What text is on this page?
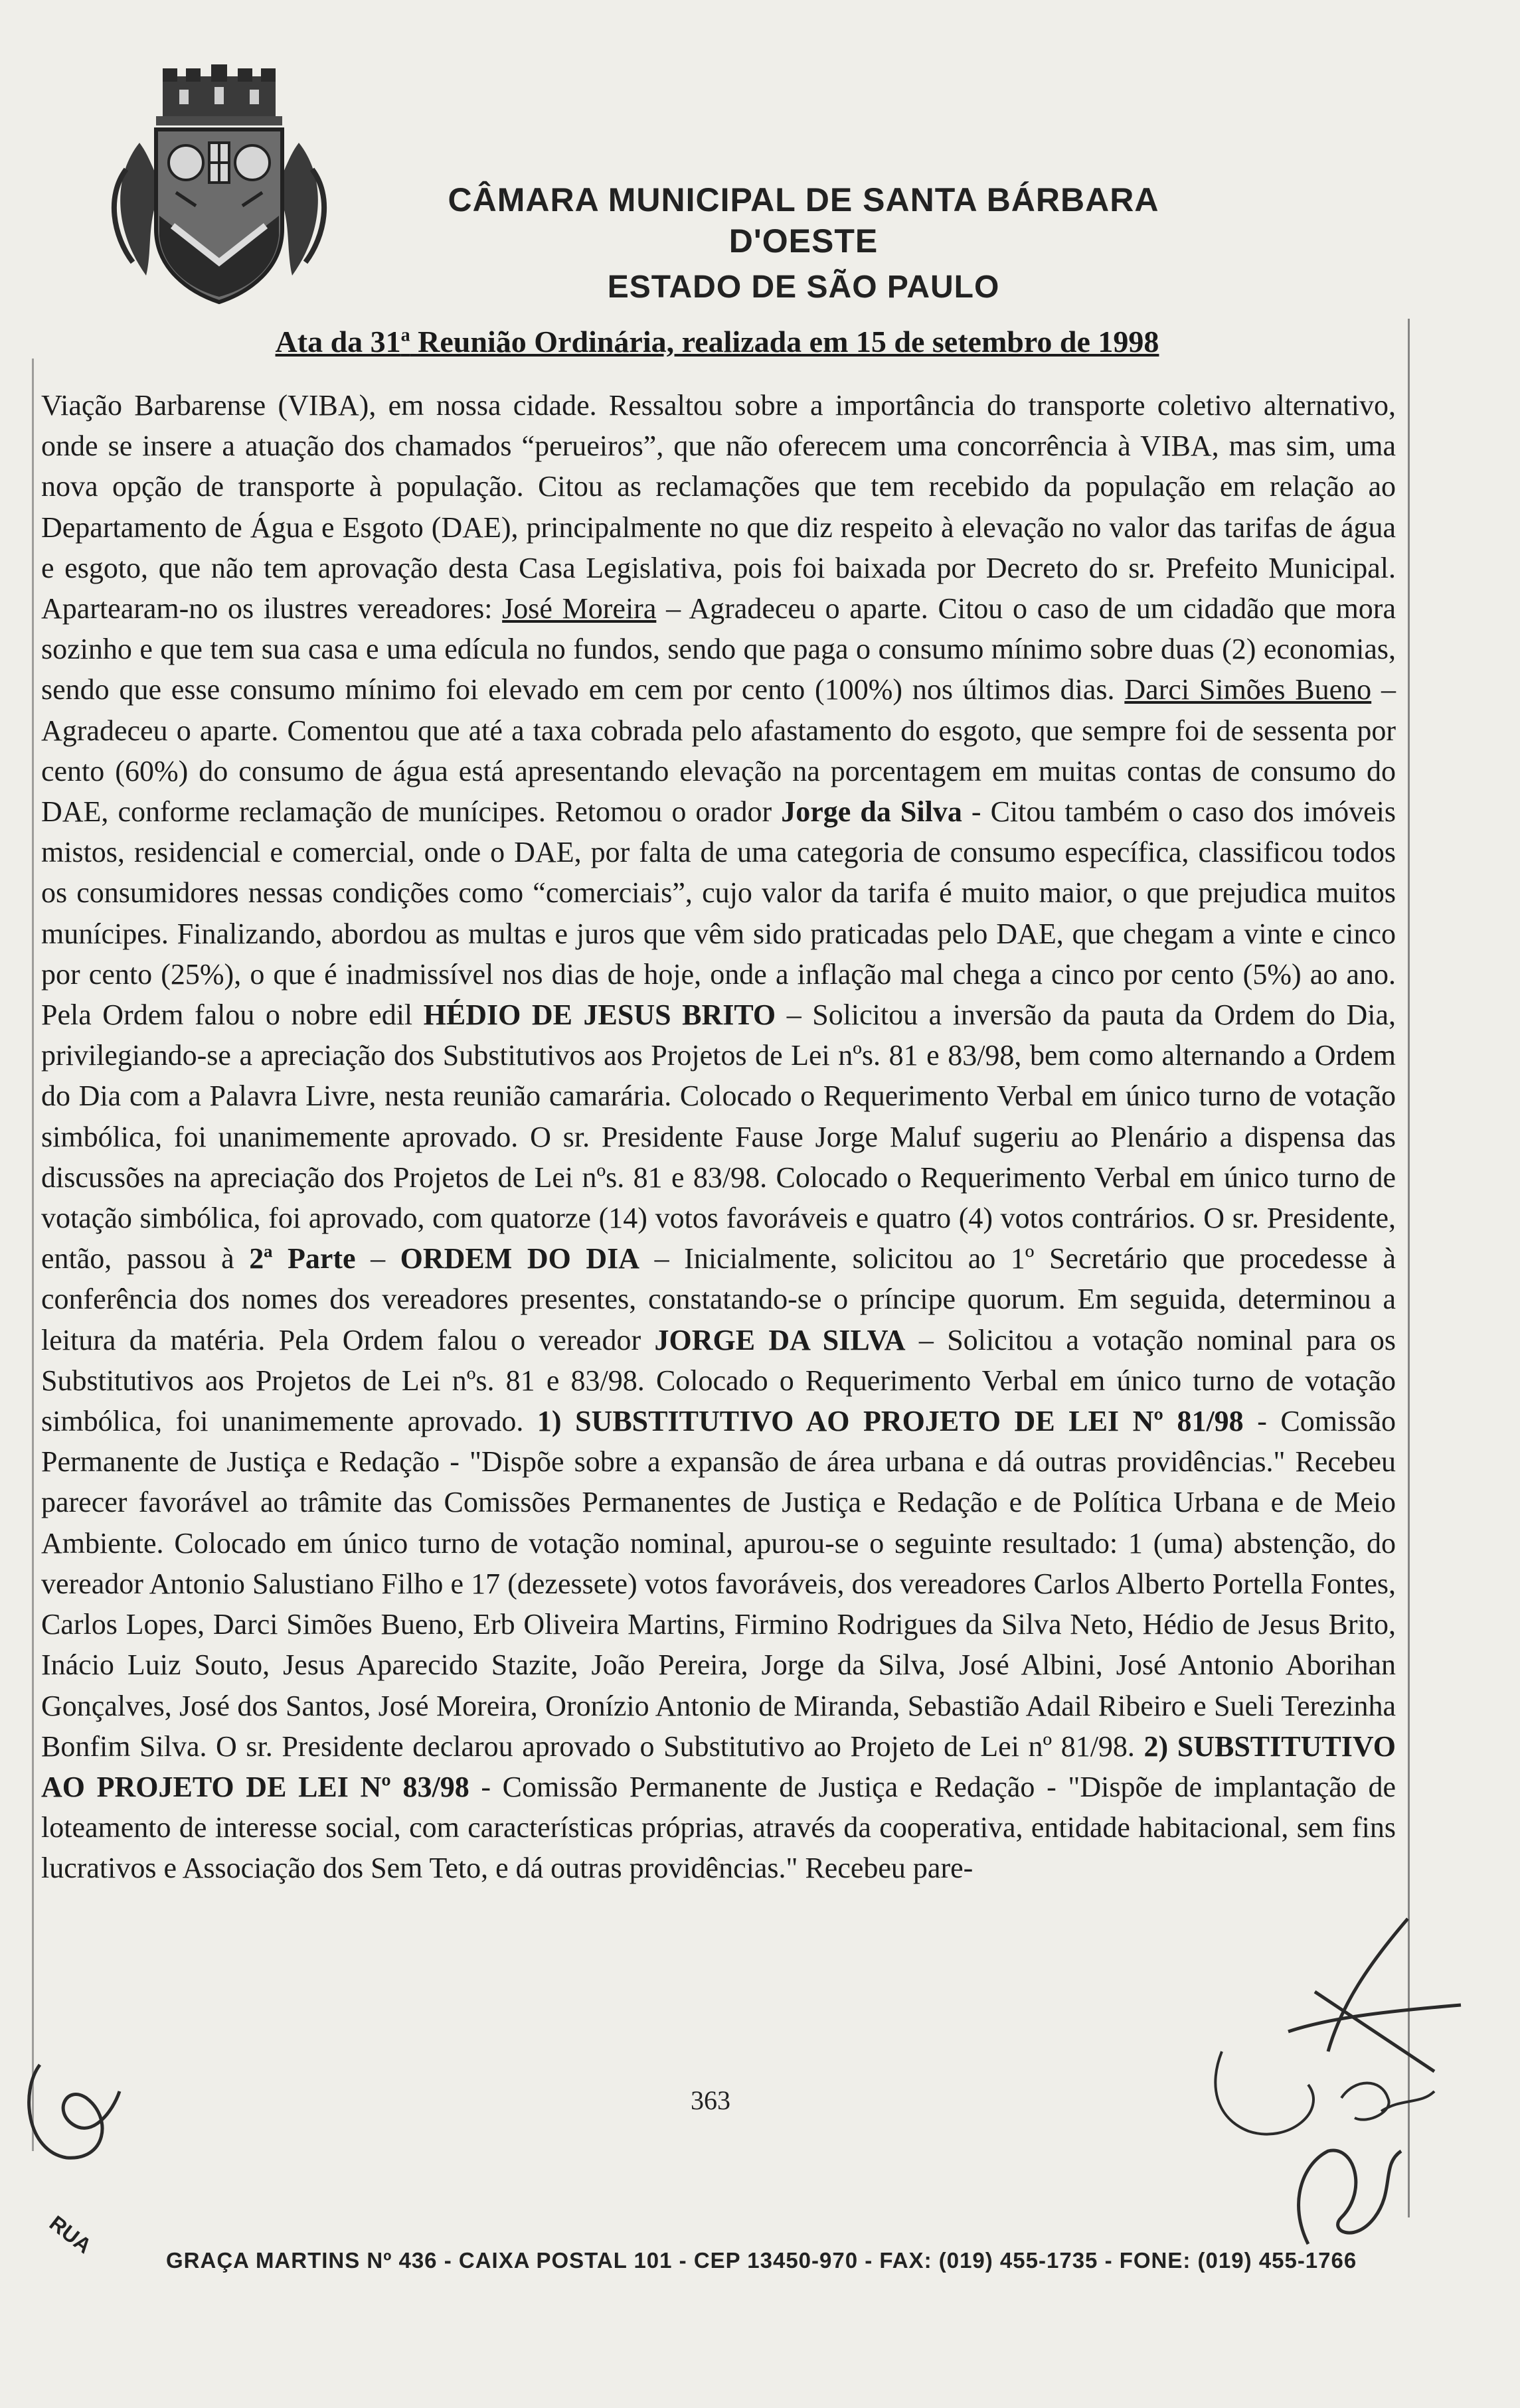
CÂMARA MUNICIPAL DE SANTA BÁRBARA D'OESTE
ESTADO DE SÃO PAULO
Ata da 31$^a$ Reunião Ordinária, realizada em 15 de setembro de 1998

Viação Barbarense (VIBA), em nossa cidade. Ressaltou sobre a importância do transporte coletivo alternativo, onde se insere a atuação dos chamados “perueiros”, que não oferecem uma concorrência à VIBA, mas sim, uma nova opção de transporte à população. Citou as reclamações que tem recebido da população em relação ao Departamento de Água e Esgoto (DAE), principalmente no que diz respeito à elevação no valor das tarifas de água e esgoto, que não tem aprovação desta Casa Legislativa, pois foi baixada por Decreto do sr. Prefeito Municipal. Apartearam-no os ilustres vereadores: José Moreira – Agradeceu o aparte. Citou o caso de um cidadão que mora sozinho e que tem sua casa e uma edícula no fundos, sendo que paga o consumo mínimo sobre duas (2) economias, sendo que esse consumo mínimo foi elevado em cem por cento (100%) nos últimos dias. Darci Simões Bueno – Agradeceu o aparte. Comentou que até a taxa cobrada pelo afastamento do esgoto, que sempre foi de sessenta por cento (60%) do consumo de água está apresentando elevação na porcentagem em muitas contas de consumo do DAE, conforme reclamação de munícipes. Retomou o orador Jorge da Silva - Citou também o caso dos imóveis mistos, residencial e comercial, onde o DAE, por falta de uma categoria de consumo específica, classificou todos os consumidores nessas condições como “comerciais”, cujo valor da tarifa é muito maior, o que prejudica muitos munícipes. Finalizando, abordou as multas e juros que vêm sido praticadas pelo DAE, que chegam a vinte e cinco por cento (25%), o que é inadmissível nos dias de hoje, onde a inflação mal chega a cinco por cento (5%) ao ano. Pela Ordem falou o nobre edil HÉDIO DE JESUS BRITO – Solicitou a inversão da pauta da Ordem do Dia, privilegiando-se a apreciação dos Substitutivos aos Projetos de Lei nºs. 81 e 83/98, bem como alternando a Ordem do Dia com a Palavra Livre, nesta reunião camarária. Colocado o Requerimento Verbal em único turno de votação simbólica, foi unanimemente aprovado. O sr. Presidente Fause Jorge Maluf sugeriu ao Plenário a dispensa das discussões na apreciação dos Projetos de Lei nºs. 81 e 83/98. Colocado o Requerimento Verbal em único turno de votação simbólica, foi aprovado, com quatorze (14) votos favoráveis e quatro (4) votos contrários. O sr. Presidente, então, passou à 2ª Parte – ORDEM DO DIA – Inicialmente, solicitou ao 1º Secretário que procedesse à conferência dos nomes dos vereadores presentes, constatando-se o príncipe quorum. Em seguida, determinou a leitura da matéria. Pela Ordem falou o vereador JORGE DA SILVA – Solicitou a votação nominal para os Substitutivos aos Projetos de Lei nºs. 81 e 83/98. Colocado o Requerimento Verbal em único turno de votação simbólica, foi unanimemente aprovado. 1) SUBSTITUTIVO AO PROJETO DE LEI Nº 81/98 - Comissão Permanente de Justiça e Redação - "Dispõe sobre a expansão de área urbana e dá outras providências." Recebeu parecer favorável ao trâmite das Comissões Permanentes de Justiça e Redação e de Política Urbana e de Meio Ambiente. Colocado em único turno de votação nominal, apurou-se o seguinte resultado: 1 (uma) abstenção, do vereador Antonio Salustiano Filho e 17 (dezessete) votos favoráveis, dos vereadores Carlos Alberto Portella Fontes, Carlos Lopes, Darci Simões Bueno, Erb Oliveira Martins, Firmino Rodrigues da Silva Neto, Hédio de Jesus Brito, Inácio Luiz Souto, Jesus Aparecido Stazite, João Pereira, Jorge da Silva, José Albini, José Antonio Aborihan Gonçalves, José dos Santos, José Moreira, Oronízio Antonio de Miranda, Sebastião Adail Ribeiro e Sueli Terezinha Bonfim Silva. O sr. Presidente declarou aprovado o Substitutivo ao Projeto de Lei nº 81/98. 2) SUBSTITUTIVO AO PROJETO DE LEI Nº 83/98 - Comissão Permanente de Justiça e Redação - "Dispõe de implantação de loteamento de interesse social, com características próprias, através da cooperativa, entidade habitacional, sem fins lucrativos e Associação dos Sem Teto, e dá outras providências." Recebeu pare-

363
RUA
GRAÇA MARTINS Nº 436 - CAIXA POSTAL 101 - CEP 13450-970 - FAX: (019) 455-1735 - FONE: (019) 455-1766
